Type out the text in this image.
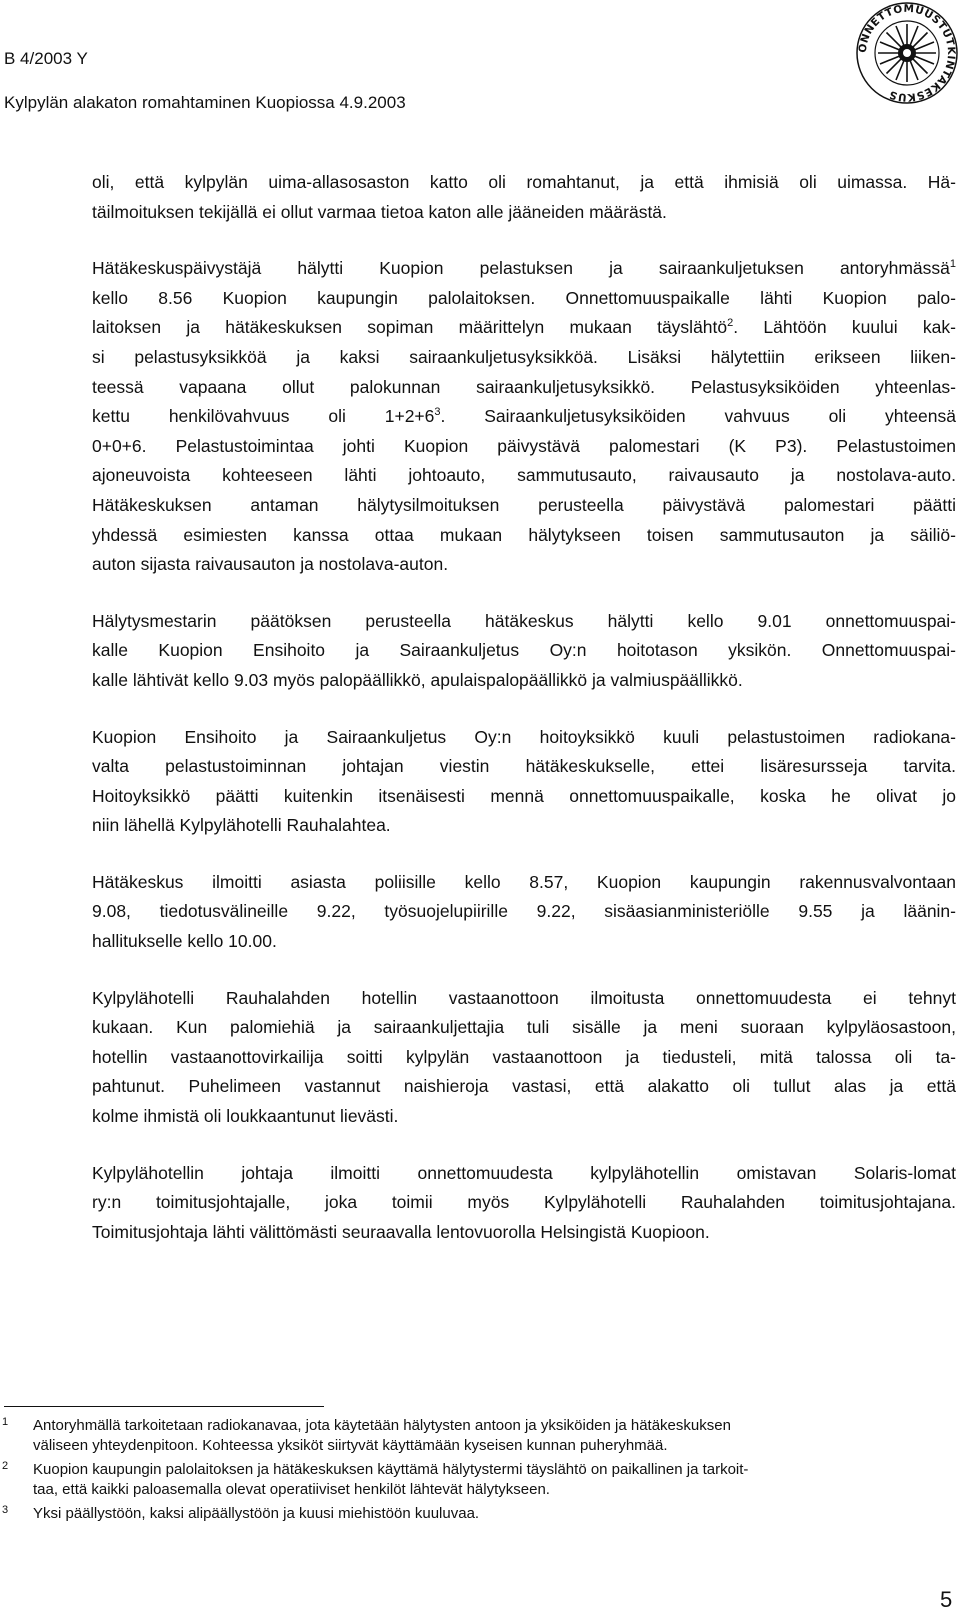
B 4/2003 Y
Kylpylän alakaton romahtaminen Kuopiossa 4.9.2003
ONNETTOMUUSTUTKINTAKESKUS
oli, että kylpylän uima-allasosaston katto oli romahtanut, ja että ihmisiä oli uimassa. Hä-
täilmoituksen tekijällä ei ollut varmaa tietoa katon alle jääneiden määrästä.
Hätäkeskuspäivystäjä hälytti Kuopion pelastuksen ja sairaankuljetuksen antoryhmässä$^1$
kello 8.56 Kuopion kaupungin palolaitoksen. Onnettomuuspaikalle lähti Kuopion palo-
laitoksen ja hätäkeskuksen sopiman määrittelyn mukaan täyslähtö$^2$. Lähtöön kuului kak-
si pelastusyksikköä ja kaksi sairaankuljetusyksikköä. Lisäksi hälytettiin erikseen liiken-
teessä vapaana ollut palokunnan sairaankuljetusyksikkö. Pelastusyksiköiden yhteenlas-
kettu henkilövahvuus oli $1+2+6^3$. Sairaankuljetusyksiköiden vahvuus oli yhteensä
0+0+6. Pelastustoimintaa johti Kuopion päivystävä palomestari (K P3). Pelastustoimen
ajoneuvoista kohteeseen lähti johtoauto, sammutusauto, raivausauto ja nostolava-auto.
Hätäkeskuksen antaman hälytysilmoituksen perusteella päivystävä palomestari päätti
yhdessä esimiesten kanssa ottaa mukaan hälytykseen toisen sammutusauton ja säiliö-
auton sijasta raivausauton ja nostolava-auton.
Hälytysmestarin päätöksen perusteella hätäkeskus hälytti kello 9.01 onnettomuuspai-
kalle Kuopion Ensihoito ja Sairaankuljetus Oy:n hoitotason yksikön. Onnettomuuspai-
kalle lähtivät kello 9.03 myös palopäällikkö, apulaispalopäällikkö ja valmiuspäällikkö.
Kuopion Ensihoito ja Sairaankuljetus Oy:n hoitoyksikkö kuuli pelastustoimen radiokana-
valta pelastustoiminnan johtajan viestin hätäkeskukselle, ettei lisäresursseja tarvita.
Hoitoyksikkö päätti kuitenkin itsenäisesti mennä onnettomuuspaikalle, koska he olivat jo
niin lähellä Kylpylähotelli Rauhalahtea.
Hätäkeskus ilmoitti asiasta poliisille kello 8.57, Kuopion kaupungin rakennusvalvontaan
9.08, tiedotusvälineille 9.22, työsuojelupiirille 9.22, sisäasianministeriölle 9.55 ja läänin-
hallitukselle kello 10.00.
Kylpylähotelli Rauhalahden hotellin vastaanottoon ilmoitusta onnettomuudesta ei tehnyt
kukaan. Kun palomiehiä ja sairaankuljettajia tuli sisälle ja meni suoraan kylpyläosastoon,
hotellin vastaanottovirkailija soitti kylpylän vastaanottoon ja tiedusteli, mitä talossa oli ta-
pahtunut. Puhelimeen vastannut naishieroja vastasi, että alakatto oli tullut alas ja että
kolme ihmistä oli loukkaantunut lievästi.
Kylpylähotellin johtaja ilmoitti onnettomuudesta kylpylähotellin omistavan Solaris-lomat
ry:n toimitusjohtajalle, joka toimii myös Kylpylähotelli Rauhalahden toimitusjohtajana.
Toimitusjohtaja lähti välittömästi seuraavalla lentovuorolla Helsingistä Kuopioon.
1 Antoryhmällä tarkoitetaan radiokanavaa, jota käytetään hälytysten antoon ja yksiköiden ja hätäkeskuksen
väliseen yhteydenpitoon. Kohteessa yksiköt siirtyvät käyttämään kyseisen kunnan puheryhmää.
2 Kuopion kaupungin palolaitoksen ja hätäkeskuksen käyttämä hälytystermi täyslähtö on paikallinen ja tarkoit-
taa, että kaikki paloasemalla olevat operatiiviset henkilöt lähtevät hälytykseen.
3 Yksi päällystöön, kaksi alipäällystöön ja kuusi miehistöön kuuluvaa.
5
